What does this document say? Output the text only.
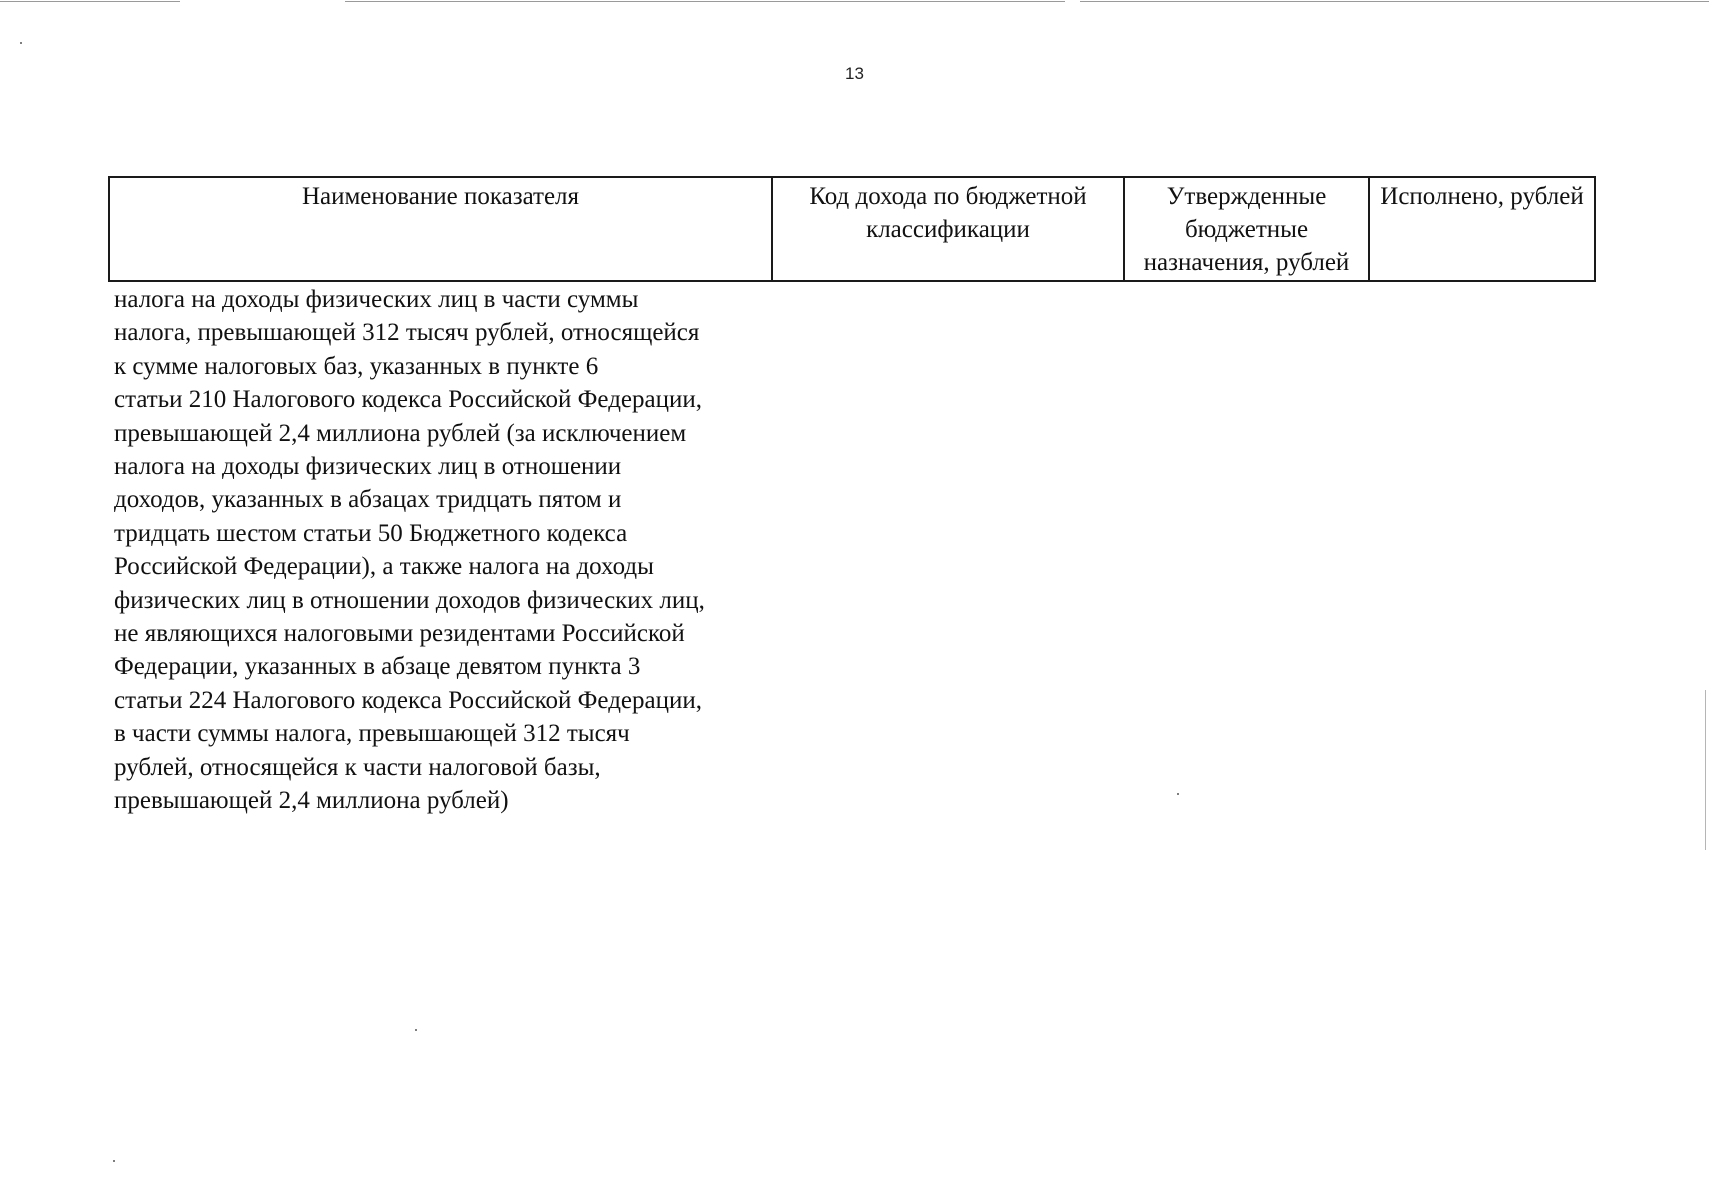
13
Наименование показателя	Код дохода по бюджетной классификации	Утвержденные бюджетные назначения, рублей	Исполнено, рублей
налога на доходы физических лиц в части суммы
налога, превышающей 312 тысяч рублей, относящейся
к сумме налоговых баз, указанных в пункте 6
статьи 210 Налогового кодекса Российской Федерации,
превышающей 2,4 миллиона рублей (за исключением
налога на доходы физических лиц в отношении
доходов, указанных в абзацах тридцать пятом и
тридцать шестом статьи 50 Бюджетного кодекса
Российской Федерации), а также налога на доходы
физических лиц в отношении доходов физических лиц,
не являющихся налоговыми резидентами Российской
Федерации, указанных в абзаце девятом пункта 3
статьи 224 Налогового кодекса Российской Федерации,
в части суммы налога, превышающей 312 тысяч
рублей, относящейся к части налоговой базы,
превышающей 2,4 миллиона рублей)
